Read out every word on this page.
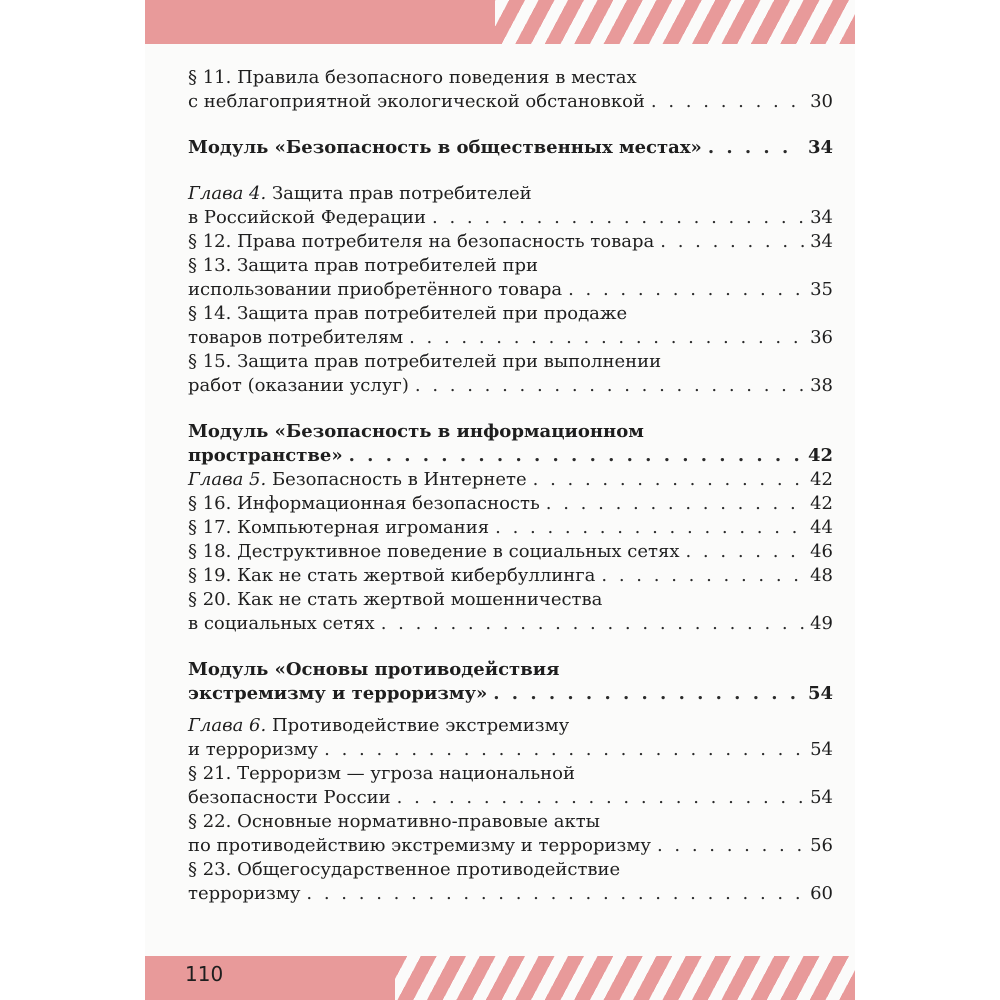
§ 11. Правила безопасного поведения в местах
с неблагоприятной экологической обстановкой . . .	30
Модуль «Безопасность в общественных местах» . . .	34
Глава 4.
Защита прав потребителей
в Российской Федерации . . .	34
§ 12. Права потребителя на безопасность товара . . .	34
§ 13. Защита прав потребителей при
использовании приобретённого товара . . .	35
§ 14. Защита прав потребителей при продаже
товаров потребителям . . .	36
§ 15. Защита прав потребителей при выполнении
работ (оказании услуг) . . .	38
Модуль «Безопасность в информационном
пространстве» . . .	42
Глава 5.
Безопасность в Интернете . . .	42
§ 16. Информационная безопасность . . .	42
§ 17. Компьютерная игромания . . .	44
§ 18. Деструктивное поведение в социальных сетях . . .	46
§ 19. Как не стать жертвой кибербуллинга . . .	48
§ 20. Как не стать жертвой мошенничества
в социальных сетях . . .	49
Модуль «Основы противодействия
экстремизму и терроризму» . . .	54
Глава 6.
Противодействие экстремизму
и терроризму . . .	54
§ 21. Терроризм — угроза национальной
безопасности России . . .	54
§ 22. Основные нормативно-правовые акты
по противодействию экстремизму и терроризму . . .	56
§ 23. Общегосударственное противодействие
терроризму . . .	60
110
